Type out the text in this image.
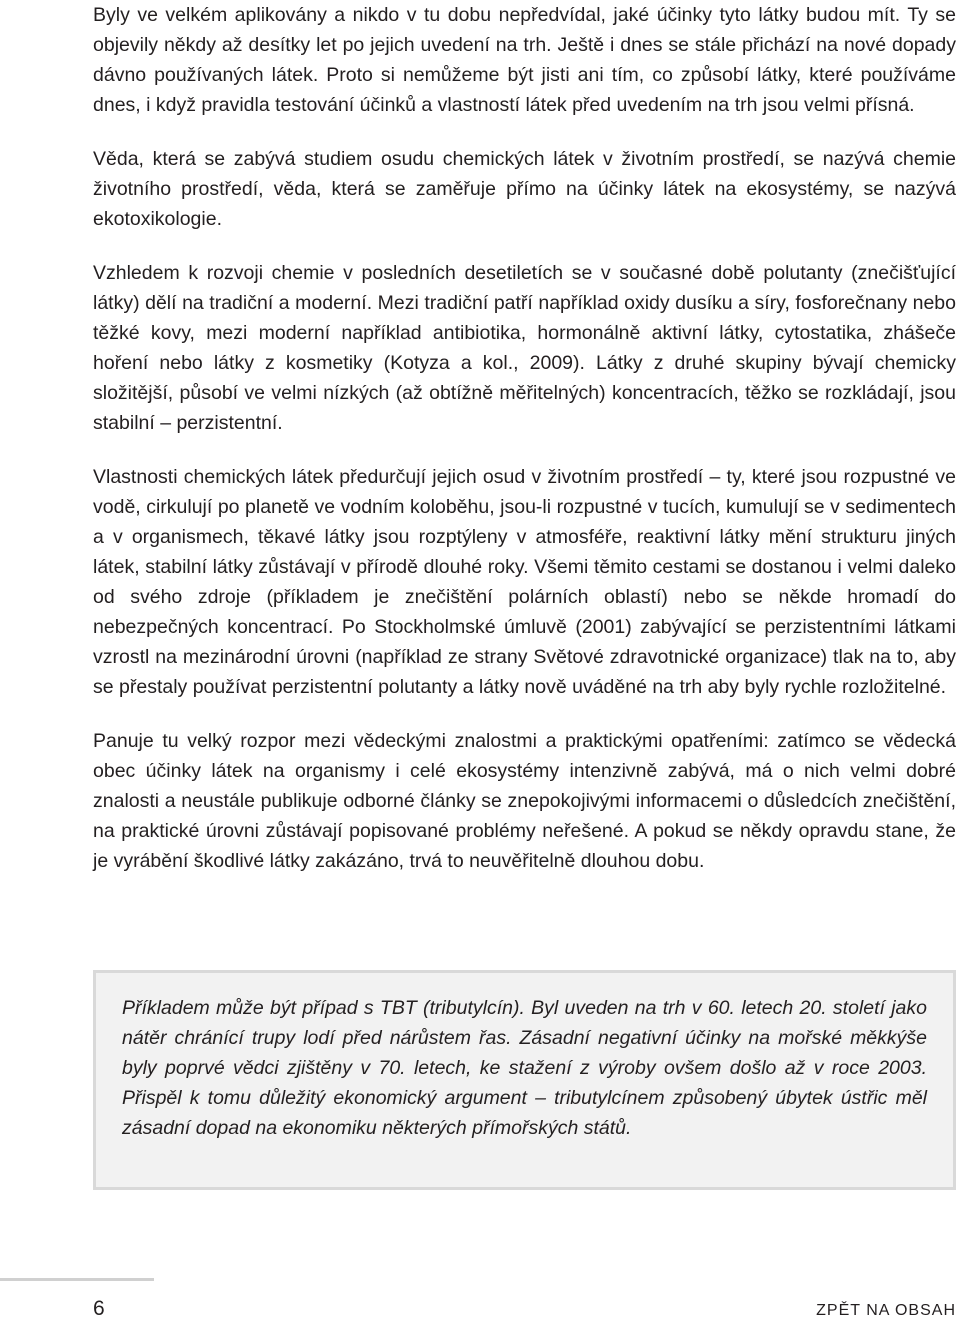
Byly ve velkém aplikovány a nikdo v tu dobu nepředvídal, jaké účinky tyto látky budou mít. Ty se objevily někdy až desítky let po jejich uvedení na trh. Ještě i dnes se stále přichází na nové dopady dávno používaných látek. Proto si nemůžeme být jisti ani tím, co způsobí látky, které používáme dnes, i když pravidla testování účinků a vlastností látek před uvedením na trh jsou velmi přísná.

Věda, která se zabývá studiem osudu chemických látek v životním prostředí, se nazývá chemie životního prostředí, věda, která se zaměřuje přímo na účinky látek na ekosystémy, se nazývá ekotoxikologie.

Vzhledem k rozvoji chemie v posledních desetiletích se v současné době polutanty (znečišťující látky) dělí na tradiční a moderní. Mezi tradiční patří například oxidy dusíku a síry, fosforečnany nebo těžké kovy, mezi moderní například antibiotika, hormonálně aktivní látky, cytostatika, zhášeče hoření nebo látky z kosmetiky (Kotyza a kol., 2009). Látky z druhé skupiny bývají chemicky složitější, působí ve velmi nízkých (až obtížně měřitelných) koncentracích, těžko se rozkládají, jsou stabilní – perzistentní.

Vlastnosti chemických látek předurčují jejich osud v životním prostředí – ty, které jsou rozpustné ve vodě, cirkulují po planetě ve vodním koloběhu, jsou-li rozpustné v tucích, kumulují se v sedimentech a v organismech, těkavé látky jsou rozptýleny v atmosféře, reaktivní látky mění strukturu jiných látek, stabilní látky zůstávají v přírodě dlouhé roky. Všemi těmito cestami se dostanou i velmi daleko od svého zdroje (příkladem je znečištění polárních oblastí) nebo se někde hromadí do nebezpečných koncentrací. Po Stockholmské úmluvě (2001) zabývající se perzistentními látkami vzrostl na mezinárodní úrovni (například ze strany Světové zdravotnické organizace) tlak na to, aby se přestaly používat perzistentní polutanty a látky nově uváděné na trh aby byly rychle rozložitelné.

Panuje tu velký rozpor mezi vědeckými znalostmi a praktickými opatřeními: zatímco se vědecká obec účinky látek na organismy i celé ekosystémy intenzivně zabývá, má o nich velmi dobré znalosti a neustále publikuje odborné články se znepokojivými informacemi o důsledcích znečištění, na praktické úrovni zůstávají popisované problémy neřešené. A pokud se někdy opravdu stane, že je vyrábění škodlivé látky zakázáno, trvá to neuvěřitelně dlouhou dobu.

Příkladem může být případ s TBT (tributylcín). Byl uveden na trh v 60. letech 20. století jako nátěr chránící trupy lodí před nárůstem řas. Zásadní negativní účinky na mořské měkkýše byly poprvé vědci zjištěny v 70. letech, ke stažení z výroby ovšem došlo až v roce 2003. Přispěl k tomu důležitý ekonomický argument – tributylcínem způsobený úbytek ústřic měl zásadní dopad na ekonomiku některých přímořských států.

6	ZPĚT NA OBSAH
